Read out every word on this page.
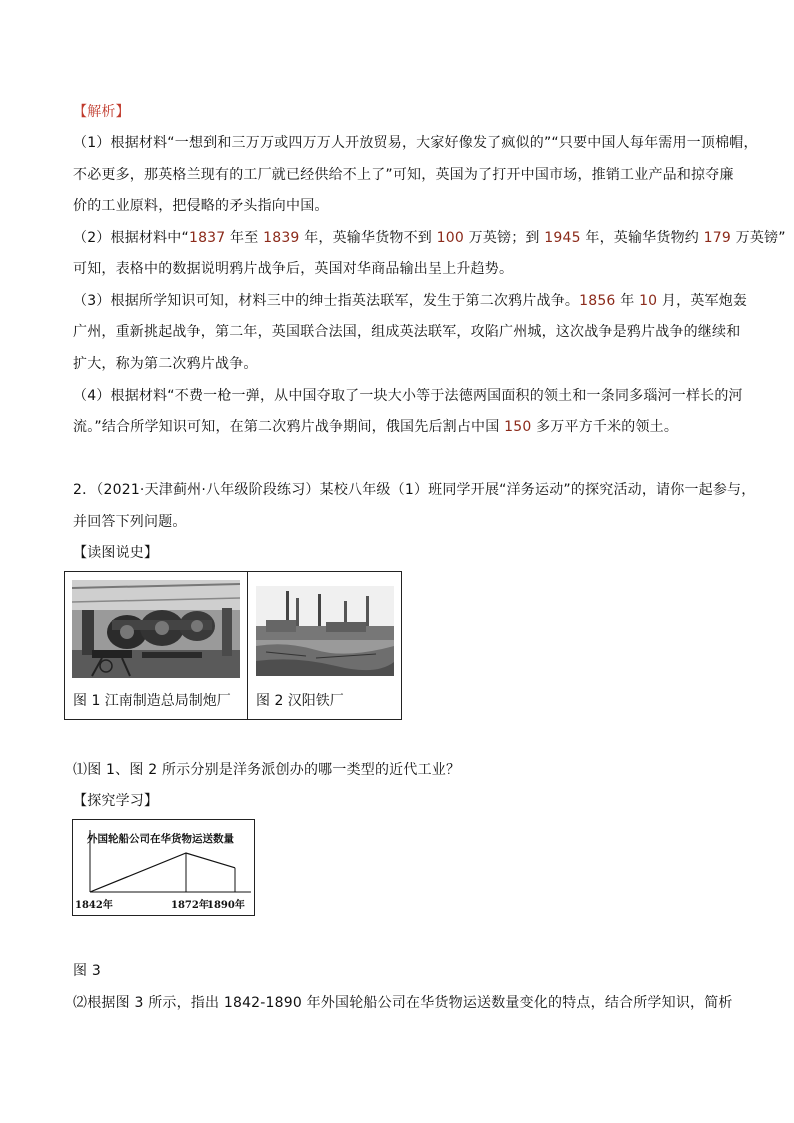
【解析】
（1）根据材料“一想到和三万万或四万万人开放贸易，大家好像发了疯似的”“只要中国人每年需用一顶棉帽，
不必更多，那英格兰现有的工厂就已经供给不上了”可知，英国为了打开中国市场，推销工业产品和掠夺廉
价的工业原料，把侵略的矛头指向中国。
（2）根据材料中“1837 年至 1839 年，英输华货物不到 100 万英镑；到 1945 年，英输华货物约 179 万英镑”
可知，表格中的数据说明鸦片战争后，英国对华商品输出呈上升趋势。
（3）根据所学知识可知，材料三中的绅士指英法联军，发生于第二次鸦片战争。1856 年 10 月，英军炮轰
广州，重新挑起战争，第二年，英国联合法国，组成英法联军，攻陷广州城，这次战争是鸦片战争的继续和
扩大，称为第二次鸦片战争。
（4）根据材料“不费一枪一弹，从中国夺取了一块大小等于法德两国面积的领土和一条同多瑙河一样长的河
流。”结合所学知识可知，在第二次鸦片战争期间，俄国先后割占中国 150 多万平方千米的领土。
2．（2021·天津蓟州·八年级阶段练习）某校八年级（1）班同学开展“洋务运动”的探究活动，请你一起参与，
并回答下列问题。
【读图说史】
图 1 江南制造总局制炮厂 图 2 汉阳铁厂
⑴图 1、图 2 所示分别是洋务派创办的哪一类型的近代工业？
【探究学习】
外国轮船公司在华货物运送数量
1842年	1872年
1890年
图 3
⑵根据图 3 所示，指出 1842-1890 年外国轮船公司在华货物运送数量变化的特点，结合所学知识，简析
